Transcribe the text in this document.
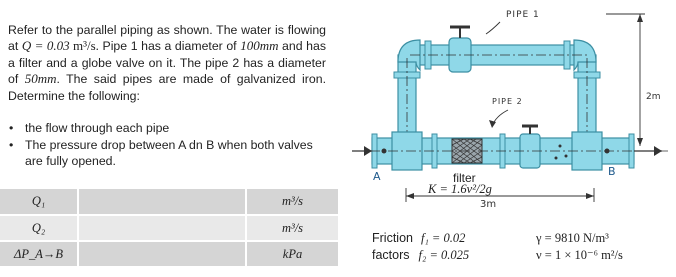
Refer to the parallel piping as shown. The water is flowing at Q = 0.03 m³/s. Pipe 1 has a diameter of 100mm and has a filter and a globe valve on it. The pipe 2 has a diameter of 50mm. The said pipes are made of galvanized iron. Determine the following:
• the flow through each pipe
• The pressure drop between A dn B when both valves are fully opened.
Q₁		m³/s
Q₂		m³/s
ΔP_A→B		kPa
PIPE 1
PIPE 2	2m
3m
A	B
filter
K = 1.6v²/2g
Friction f₁ = 0.02
factors f₂ = 0.025
γ = 9810 N/m³
ν = 1 × 10⁻⁶ m²/s
